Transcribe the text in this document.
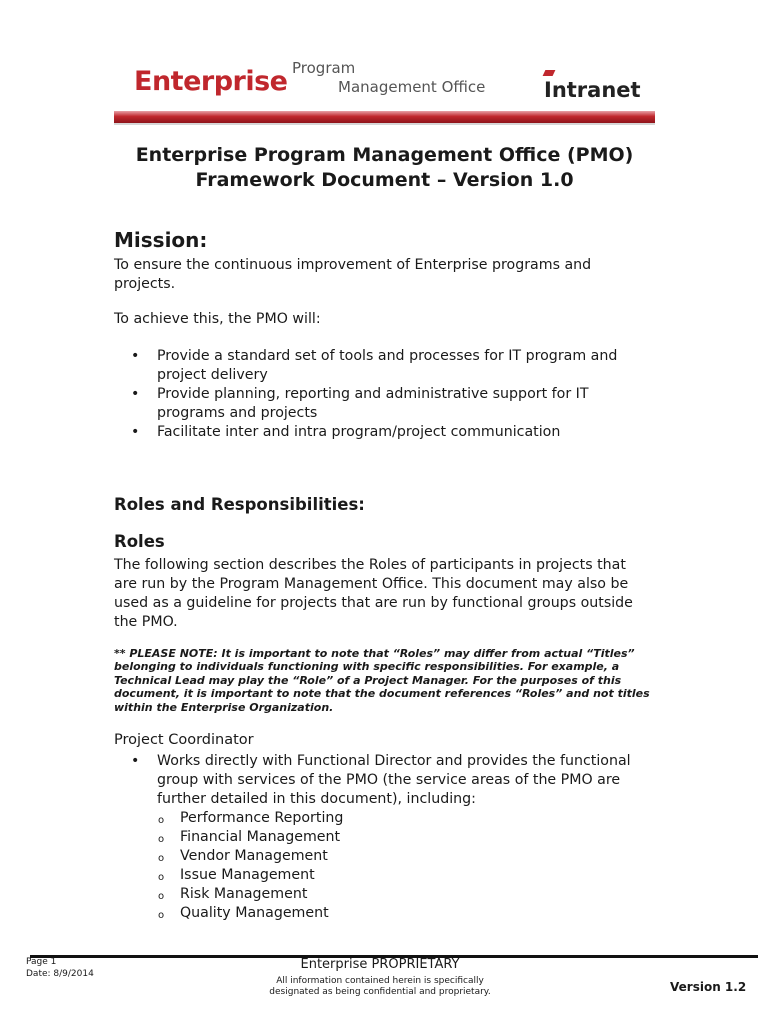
Enterprise Program
Management Office	Intranet
Enterprise Program Management Office (PMO)
Framework Document – Version 1.0
Mission:
To ensure the continuous improvement of Enterprise programs and projects.
To achieve this, the PMO will:
• Provide a standard set of tools and processes for IT program and project delivery
• Provide planning, reporting and administrative support for IT programs and projects
• Facilitate inter and intra program/project communication
Roles and Responsibilities:
Roles
The following section describes the Roles of participants in projects that are run by the Program Management Office. This document may also be used as a guideline for projects that are run by functional groups outside the PMO.
** PLEASE NOTE: It is important to note that “Roles” may differ from actual “Titles” belonging to individuals functioning with specific responsibilities. For example, a Technical Lead may play the “Role” of a Project Manager. For the purposes of this document, it is important to note that the document references “Roles” and not titles within the Enterprise Organization.
Project Coordinator
• Works directly with Functional Director and provides the functional group with services of the PMO (the service areas of the PMO are further detailed in this document), including:
o Performance Reporting
o Financial Management
o Vendor Management
o Issue Management
o Risk Management
o Quality Management
Page 1
Date: 8/9/2014
Enterprise PROPRIETARY
All information contained herein is specifically
designated as being confidential and proprietary.	Version 1.2
